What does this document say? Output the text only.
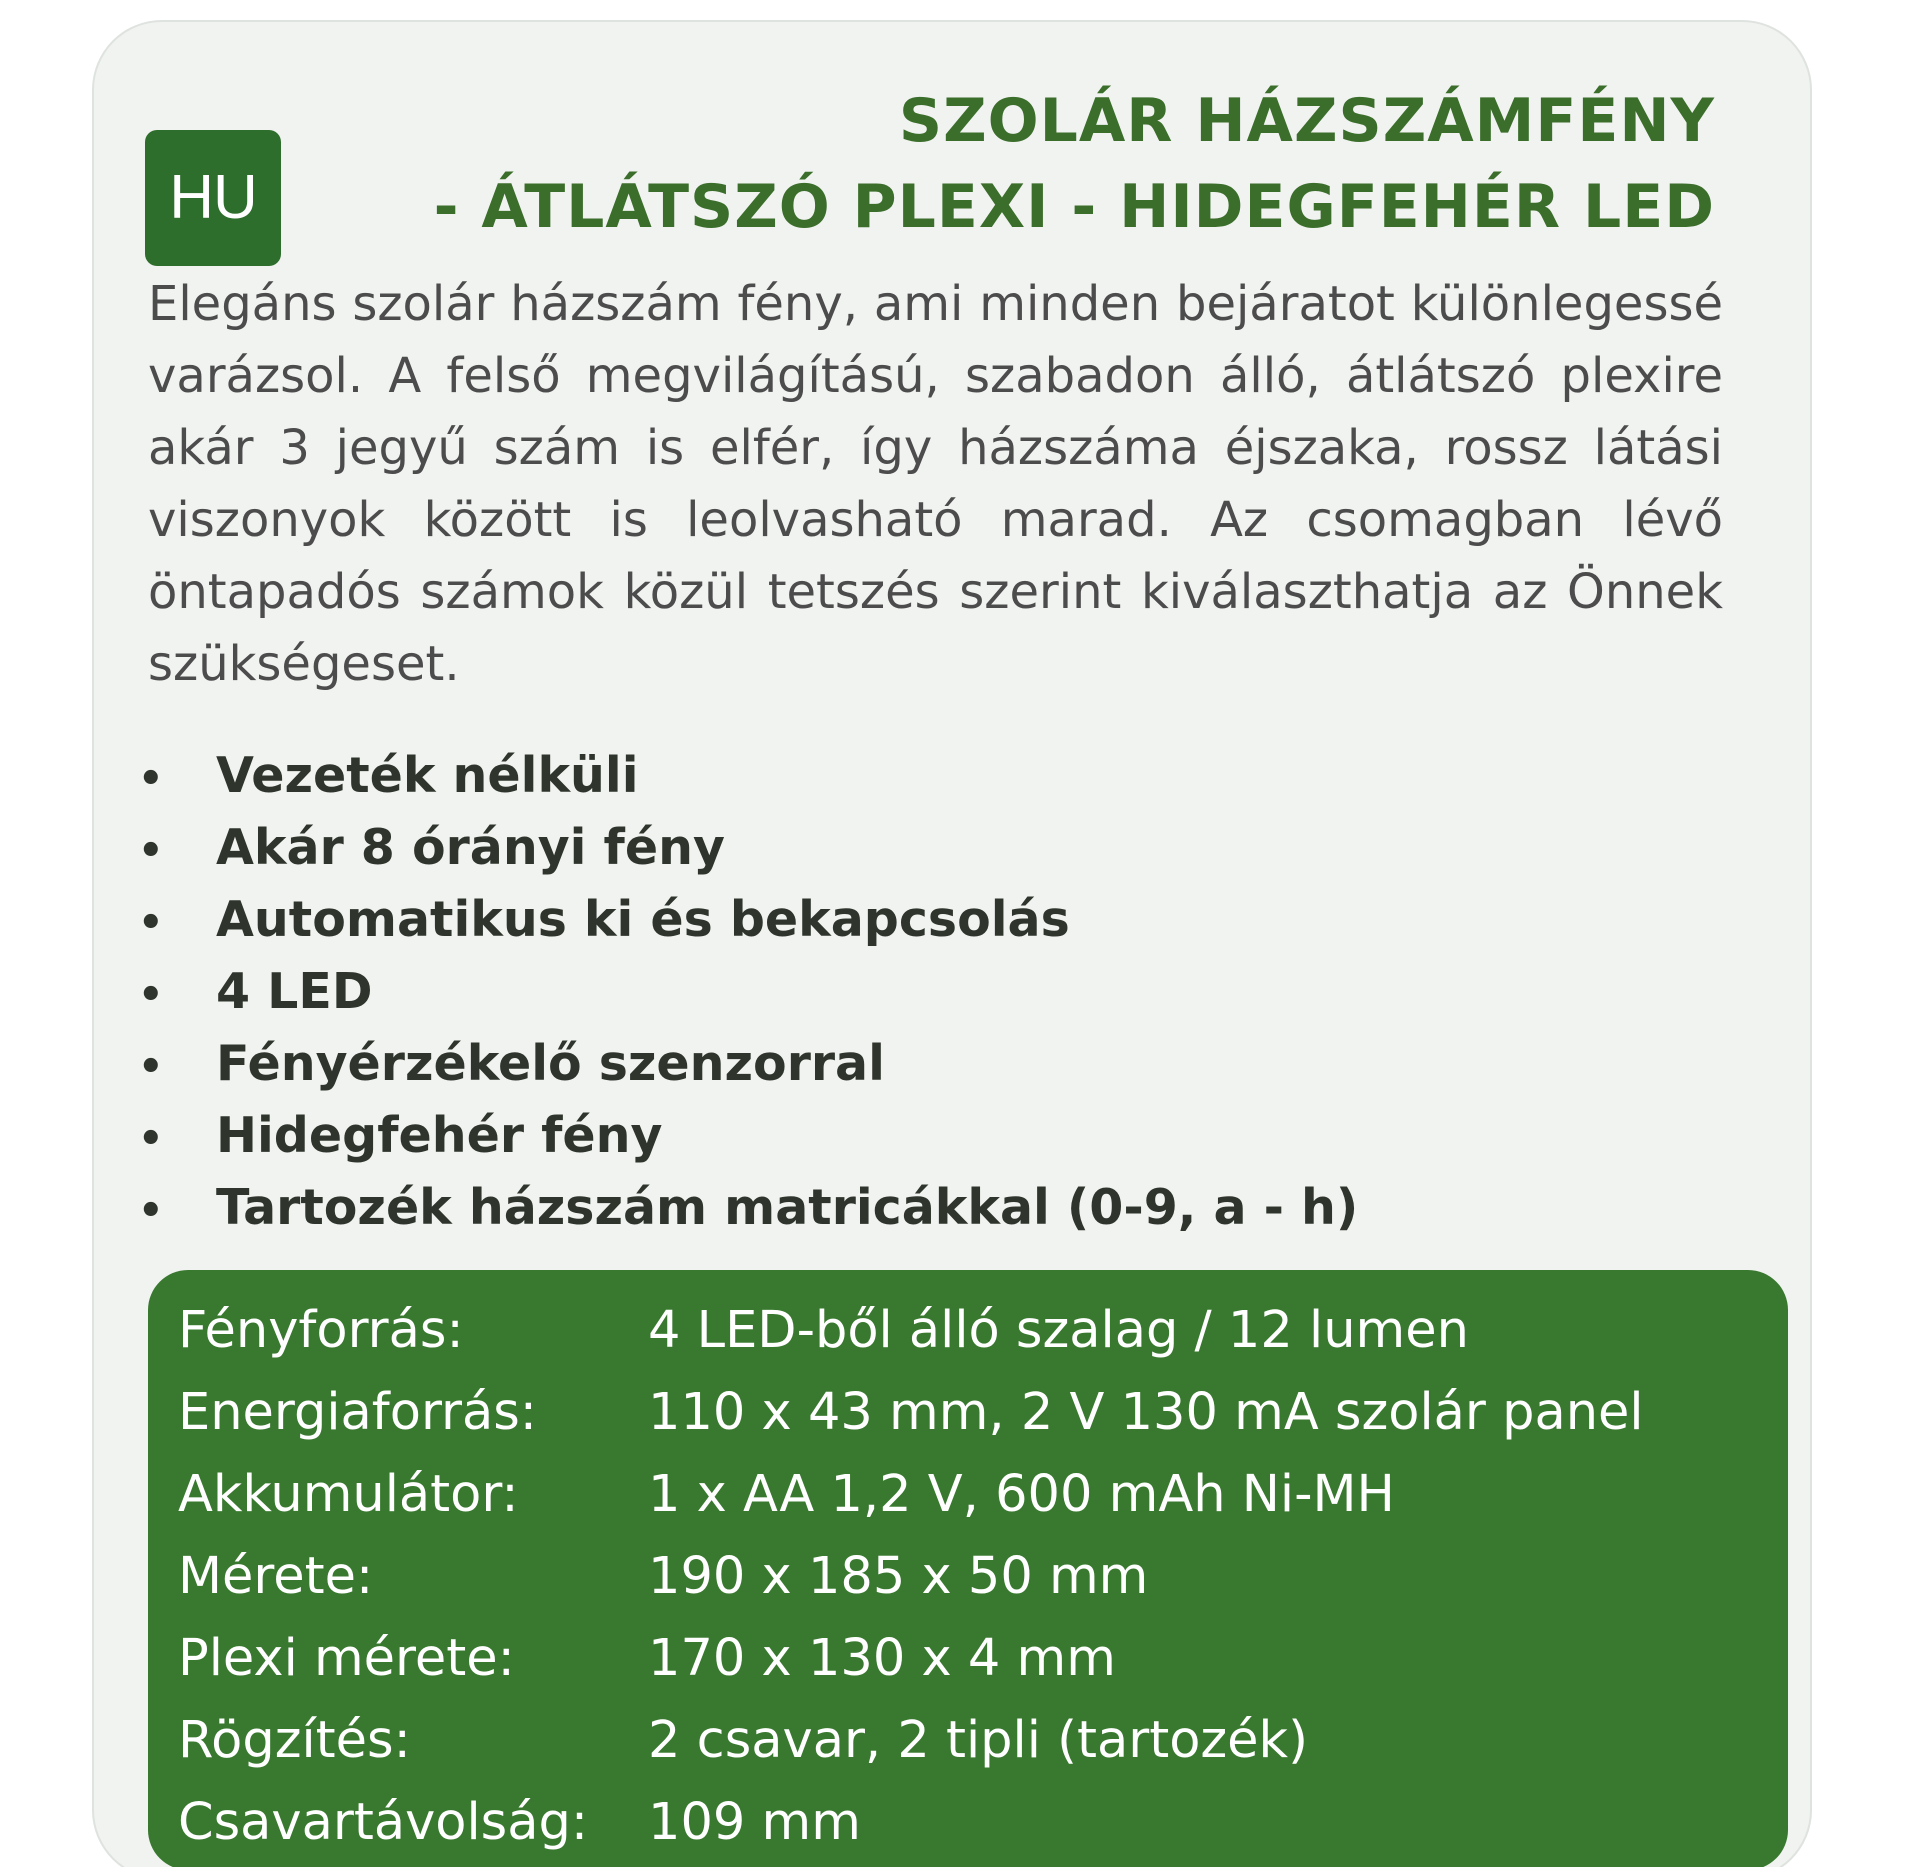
HU
SZOLÁR HÁZSZÁMFÉNY
- ÁTLÁTSZÓ PLEXI - HIDEGFEHÉR LED
Elegáns szolár házszám fény, ami minden bejáratot különlegessé varázsol. A felső megvilágítású, szabadon álló, átlátszó plexire akár 3 jegyű szám is elfér, így házszáma éjszaka, rossz látási viszonyok között is leolvasható marad. Az csomagban lévő öntapadós számok közül tetszés szerint kiválaszthatja az Önnek szükségeset.
• Vezeték nélküli
• Akár 8 órányi fény
• Automatikus ki és bekapcsolás
• 4 LED
• Fényérzékelő szenzorral
• Hidegfehér fény
• Tartozék házszám matricákkal (0-9, a - h)
Fényforrás:	4 LED-ből álló szalag / 12 lumen
Energiaforrás: 110 x 43 mm, 2 V 130 mA szolár panel
Akkumulátor:	1 x AA 1,2 V, 600 mAh Ni-MH
Mérete:	190 x 185 x 50 mm
Plexi mérete:	170 x 130 x 4 mm
Rögzítés:	2 csavar, 2 tipli (tartozék)
Csavartávolság: 109 mm
